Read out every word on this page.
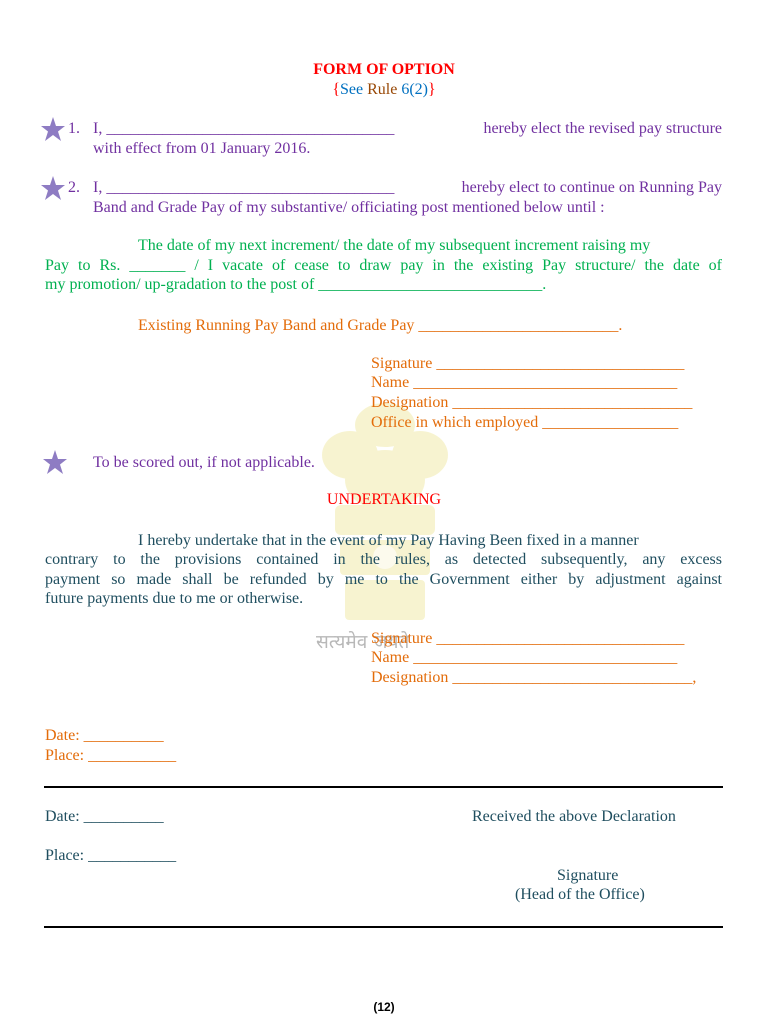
सत्यमेव जयते
FORM OF OPTION
{See Rule 6(2)}
1. I, ____________________________________	hereby elect the revised pay structure
with effect from 01 January 2016.
2. I, ____________________________________	hereby elect to continue on Running Pay
Band and Grade Pay of my substantive/ officiating post mentioned below until :
The date of my next increment/ the date of my subsequent increment raising my
Pay to Rs. _______ / I vacate of cease to draw pay in the existing Pay structure/ the date of
my promotion/ up-gradation to the post of ____________________________.
Existing Running Pay Band and Grade Pay _________________________.
Signature _______________________________
Name _________________________________
Designation ______________________________
Office in which employed _________________
To be scored out, if not applicable.
UNDERTAKING
I hereby undertake that in the event of my Pay Having Been fixed in a manner
contrary to the provisions contained in the rules, as detected subsequently, any excess
payment so made shall be refunded by me to the Government either by adjustment against
future payments due to me or otherwise.
Signature _______________________________
Name _________________________________
Designation ______________________________,
Date: __________
Place: ___________
Date: __________	Received the above Declaration
Place: ___________
Signature
(Head of the Office)
(12)
